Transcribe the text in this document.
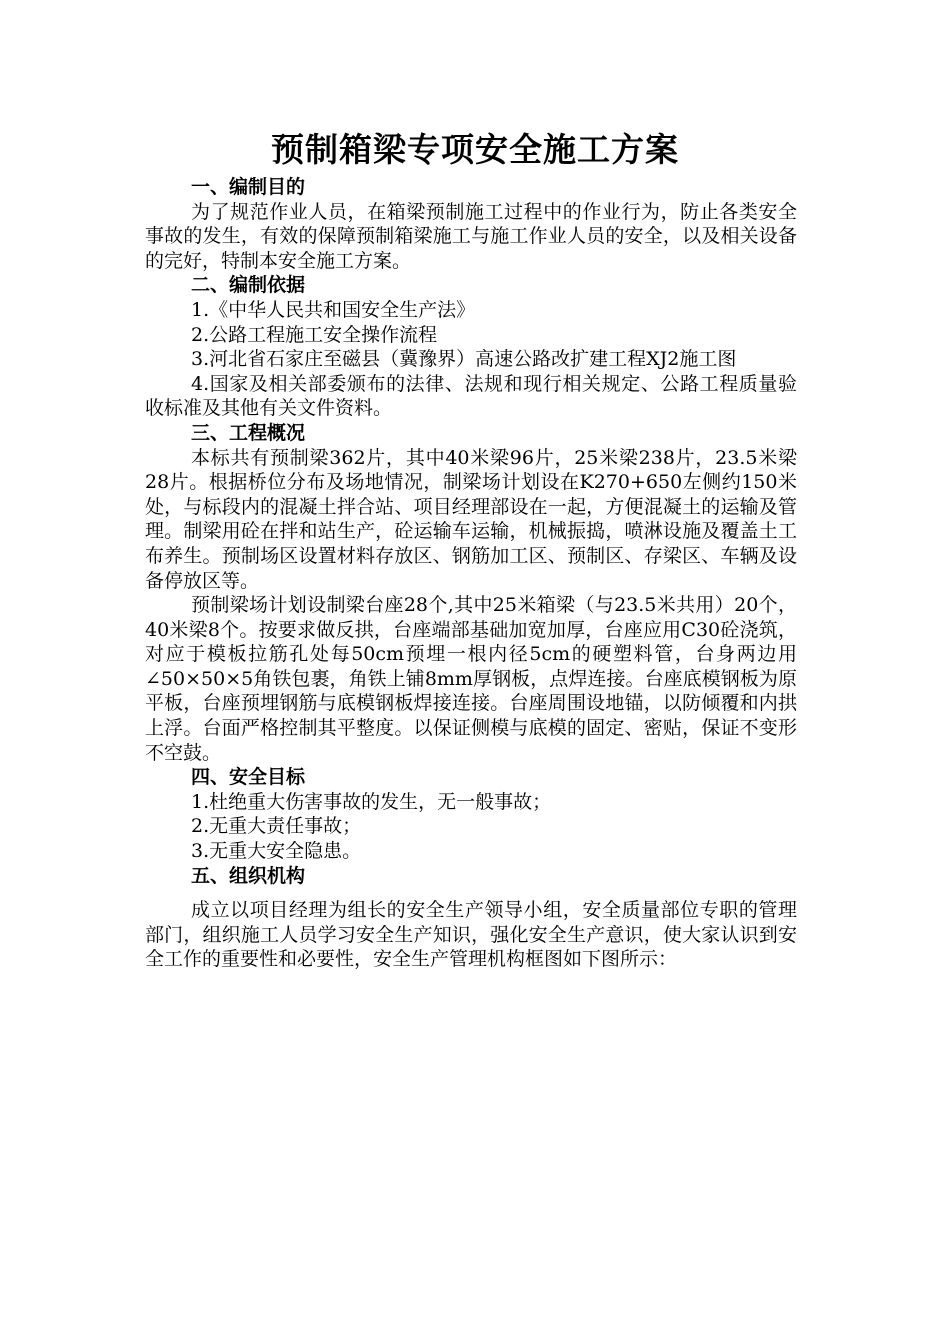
预制箱梁专项安全施工方案

一、编制目的

为了规范作业人员，在箱梁预制施工过程中的作业行为，防止各类安全事故的发生，有效的保障预制箱梁施工与施工作业人员的安全，以及相关设备的完好，特制本安全施工方案。

二、编制依据

1.《中华人民共和国安全生产法》

2.公路工程施工安全操作流程

3.河北省石家庄至磁县（冀豫界）高速公路改扩建工程XJ2施工图

4.国家及相关部委颁布的法律、法规和现行相关规定、公路工程质量验收标准及其他有关文件资料。

三、工程概况

本标共有预制梁362片，其中40米梁96片，25米梁238片，23.5米梁28片。根据桥位分布及场地情况，制梁场计划设在K270+650左侧约150米处，与标段内的混凝土拌合站、项目经理部设在一起，方便混凝土的运输及管理。制梁用砼在拌和站生产，砼运输车运输，机械振捣，喷淋设施及覆盖土工布养生。预制场区设置材料存放区、钢筋加工区、预制区、存梁区、车辆及设备停放区等。

预制梁场计划设制梁台座28个,其中25米箱梁（与23.5米共用）20个，40米梁8个。按要求做反拱，台座端部基础加宽加厚，台座应用C30砼浇筑，对应于模板拉筋孔处每50cm预埋一根内径5cm的硬塑料管，台身两边用∠50×50×5角铁包裹，角铁上铺8mm厚钢板，点焊连接。台座底模钢板为原平板，台座预埋钢筋与底模钢板焊接连接。台座周围设地锚，以防倾覆和内拱上浮。台面严格控制其平整度。以保证侧模与底模的固定、密贴，保证不变形不空鼓。

四、安全目标

1.杜绝重大伤害事故的发生，无一般事故；

2.无重大责任事故；

3.无重大安全隐患。

五、组织机构

成立以项目经理为组长的安全生产领导小组，安全质量部位专职的管理部门，组织施工人员学习安全生产知识，强化安全生产意识，使大家认识到安全工作的重要性和必要性，安全生产管理机构框图如下图所示：
